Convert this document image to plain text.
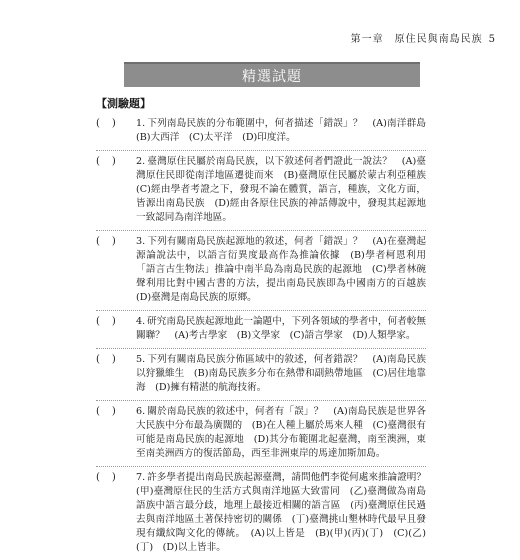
第一章　原住民與南島民族 5
精選試題
【測驗題】
(　)	1. 下列南島民族的分布範圍中，何者描述「錯誤」？　(A)南洋群島　(B)大西洋　(C)太平洋　(D)印度洋。
(　)	2. 臺灣原住民屬於南島民族，以下敘述何者們證此一說法？　(A)臺灣原住民即從南洋地區遷徙而來　(B)臺灣原住民屬於蒙古利亞種族　(C)經由學者考證之下，發現不論在體質，語言，種族，文化方面，皆源出南島民族　(D)經由各原住民族的神話傳說中，發現其起源地一致認同為南洋地區。
(　)	3. 下列有關南島民族起源地的敘述，何者「錯誤」？　(A)在臺灣起源論說法中，以語言衍異度最高作為推論依據　(B)學者柯恩利用「語言古生物法」推論中南半島為南島民族的起源地　(C)學者林碗聲利用比對中國古書的方法，提出南島民族即為中國南方的百越族　(D)臺灣是南島民族的原鄉。
(　)	4. 研究南島民族起源地此一論題中，下列各領域的學者中，何者較無關聯？　(A)考古學家　(B)文學家　(C)語言學家　(D)人類學家。
(　)	5. 下列有關南島民族分佈區域中的敘述，何者錯誤？　(A)南島民族以狩獵維生　(B)南島民族多分布在熱帶和副熱帶地區　(C)居住地靠海　(D)擁有精湛的航海技術。
(　)	6. 關於南島民族的敘述中，何者有「誤」？　(A)南島民族是世界各大民族中分布最為廣闊的　(B)在人種上屬於馬來人種　(C)臺灣很有可能是南島民族的起源地　(D)其分布範圍北起臺灣，南至澳洲，東至南美洲西方的復活節島，西至非洲東岸的馬達加斯加島。
(　)	7. 許多學者提出南島民族起源臺灣，請問他們李從何處來推論證明？(甲)臺灣原住民的生活方式與南洋地區大致雷同　(乙)臺灣做為南島語族中語言最分歧，地理上最接近相關的語言區　(丙)臺灣原住民過去與南洋地區土著保持密切的關係　(丁)臺灣挑山墾林時代最早且發現有纖紋陶文化的傳統。　(A)以上皆是　(B)(甲)(丙)(丁)　(C)(乙)(丁)　(D)以上皆非。
